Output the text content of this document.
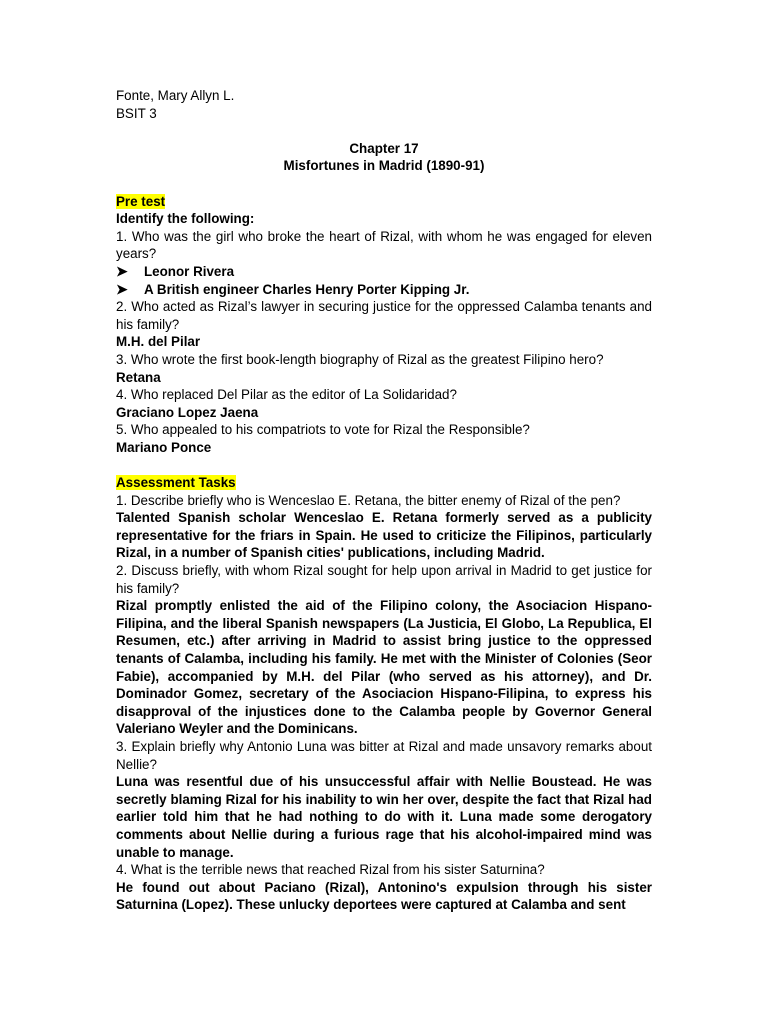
Fonte, Mary Allyn L.

BSIT 3

Chapter 17

Misfortunes in Madrid (1890-91)

Pre test

Identify the following:

1. Who was the girl who broke the heart of Rizal, with whom he was engaged for eleven years?

➤	Leonor Rivera
➤	A British engineer Charles Henry Porter Kipping Jr.

2. Who acted as Rizal’s lawyer in securing justice for the oppressed Calamba tenants and his family?

M.H. del Pilar

3. Who wrote the first book-length biography of Rizal as the greatest Filipino hero?

Retana

4. Who replaced Del Pilar as the editor of La Solidaridad?

Graciano Lopez Jaena

5. Who appealed to his compatriots to vote for Rizal the Responsible?

Mariano Ponce

Assessment Tasks

1. Describe briefly who is Wenceslao E. Retana, the bitter enemy of Rizal of the pen?

Talented Spanish scholar Wenceslao E. Retana formerly served as a publicity representative for the friars in Spain. He used to criticize the Filipinos, particularly Rizal, in a number of Spanish cities' publications, including Madrid.

2. Discuss briefly, with whom Rizal sought for help upon arrival in Madrid to get justice for his family?

Rizal promptly enlisted the aid of the Filipino colony, the Asociacion Hispano-Filipina, and the liberal Spanish newspapers (La Justicia, El Globo, La Republica, El Resumen, etc.) after arriving in Madrid to assist bring justice to the oppressed tenants of Calamba, including his family. He met with the Minister of Colonies (Seor Fabie), accompanied by M.H. del Pilar (who served as his attorney), and Dr. Dominador Gomez, secretary of the Asociacion Hispano-Filipina, to express his disapproval of the injustices done to the Calamba people by Governor General Valeriano Weyler and the Dominicans.

3. Explain briefly why Antonio Luna was bitter at Rizal and made unsavory remarks about Nellie?

Luna was resentful due of his unsuccessful affair with Nellie Boustead. He was secretly blaming Rizal for his inability to win her over, despite the fact that Rizal had earlier told him that he had nothing to do with it. Luna made some derogatory comments about Nellie during a furious rage that his alcohol-impaired mind was unable to manage.

4. What is the terrible news that reached Rizal from his sister Saturnina?

He found out about Paciano (Rizal), Antonino's expulsion through his sister Saturnina (Lopez). These unlucky deportees were captured at Calamba and sent
